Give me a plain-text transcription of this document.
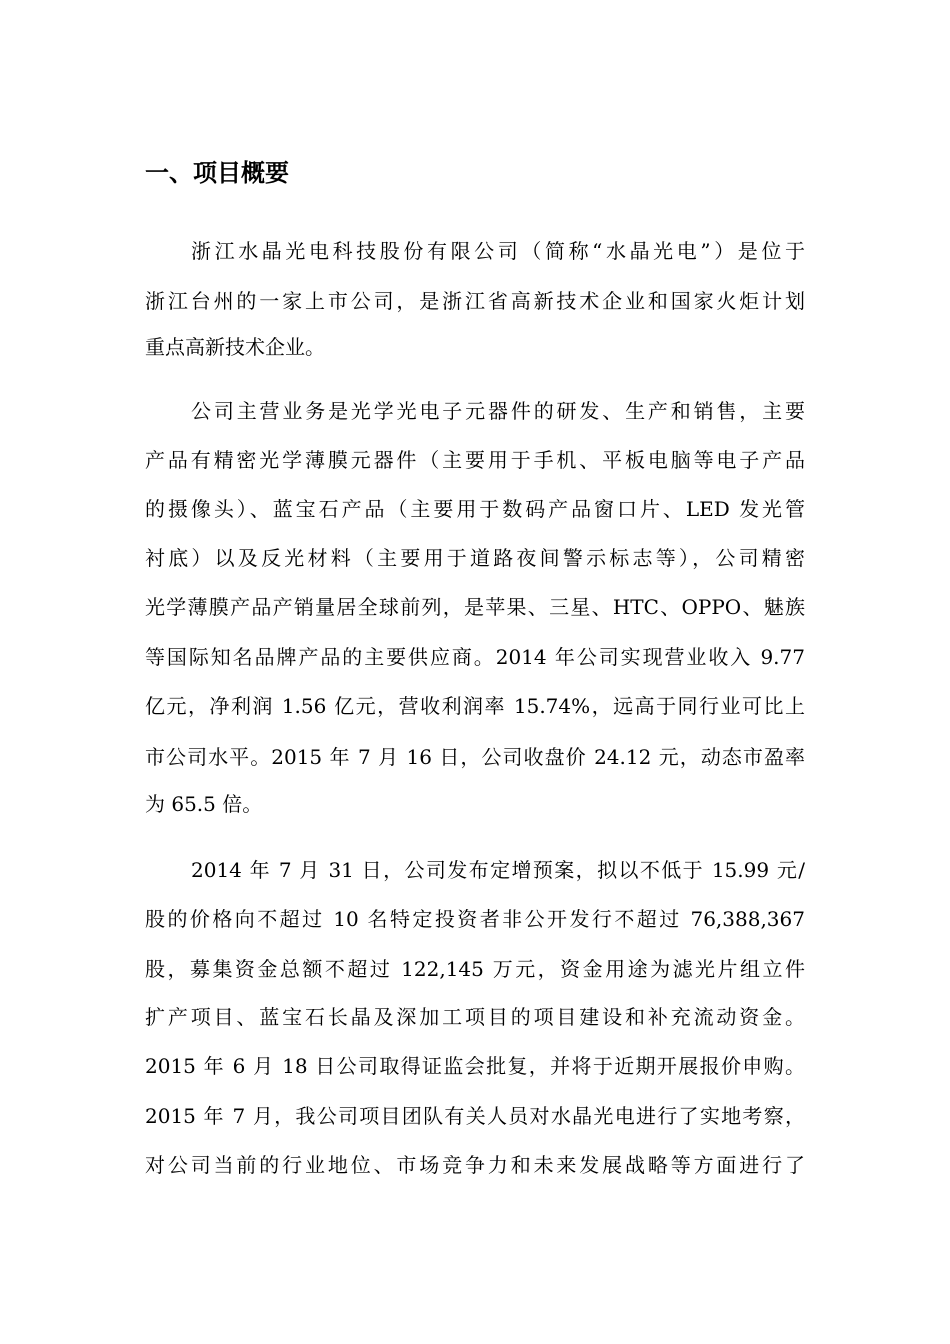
一、项目概要

浙江水晶光电科技股份有限公司（简称“水晶光电”）是位于

浙江台州的一家上市公司，是浙江省高新技术企业和国家火炬计划

重点高新技术企业。

公司主营业务是光学光电子元器件的研发、生产和销售，主要

产品有精密光学薄膜元器件（主要用于手机、平板电脑等电子产品

的摄像头）、蓝宝石产品（主要用于数码产品窗口片、LED 发光管

衬底）以及反光材料（主要用于道路夜间警示标志等），公司精密

光学薄膜产品产销量居全球前列，是苹果、三星、HTC、OPPO、魅族

等国际知名品牌产品的主要供应商。2014 年公司实现营业收入 9.77

亿元，净利润 1.56 亿元，营收利润率 15.74%，远高于同行业可比上

市公司水平。2015 年 7 月 16 日，公司收盘价 24.12 元，动态市盈率

为 65.5 倍。

2014 年 7 月 31 日，公司发布定增预案，拟以不低于 15.99 元/

股的价格向不超过 10 名特定投资者非公开发行不超过 76,388,367

股，募集资金总额不超过 122,145 万元，资金用途为滤光片组立件

扩产项目、蓝宝石长晶及深加工项目的项目建设和补充流动资金。

2015 年 6 月 18 日公司取得证监会批复，并将于近期开展报价申购。

2015 年 7 月，我公司项目团队有关人员对水晶光电进行了实地考察，

对公司当前的行业地位、市场竞争力和未来发展战略等方面进行了
